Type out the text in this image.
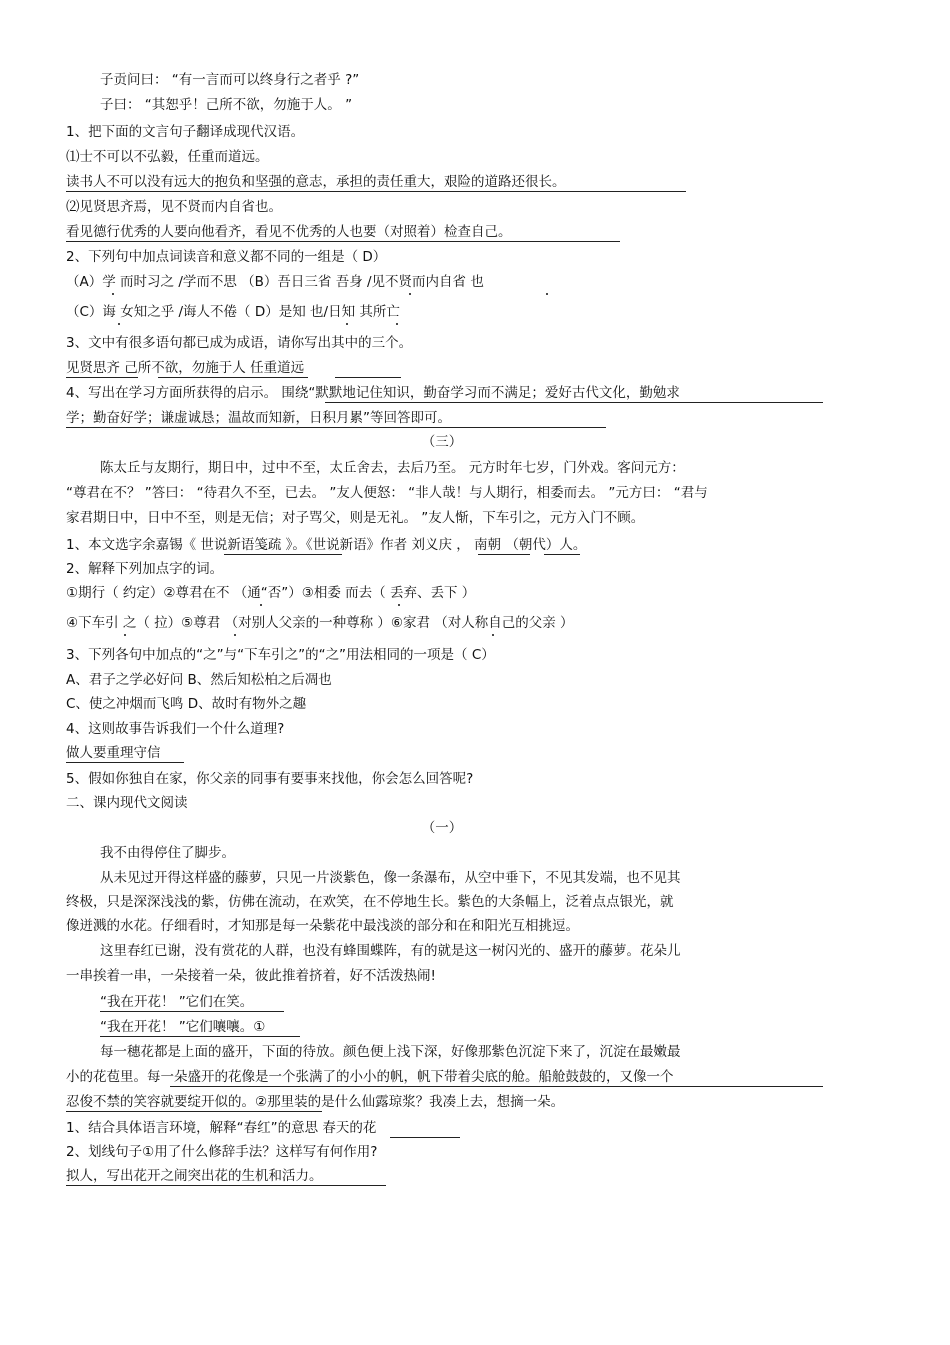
子贡问曰： “有一言而可以终身行之者乎 ?”
子曰： “其恕乎！己所不欲，勿施于人。 ”
1、把下面的文言句子翻译成现代汉语。
⑴士不可以不弘毅，任重而道远。
读书人不可以没有远大的抱负和坚强的意志，承担的责任重大，艰险的道路还很长。
⑵见贤思齐焉，见不贤而内自省也。
看见德行优秀的人要向他看齐，看见不优秀的人也要（对照着）检查自己。
2、下列句中加点词读音和意义都不同的一组是（ D）
（A）学 而时习之 /学而不思 （B）吾日三省 吾身 /见不贤而内自省 也
（C）诲 女知之乎 /诲人不倦（ D）是知 也/日知 其所亡
3、文中有很多语句都已成为成语，请你写出其中的三个。
见贤思齐 己所不欲，勿施于人 任重道远
4、写出在学习方面所获得的启示。 围绕“默默地记住知识，勤奋学习而不满足；爱好古代文化，勤勉求
学；勤奋好学；谦虚诚恳；温故而知新，日积月累”等回答即可。
（三）
陈太丘与友期行，期日中，过中不至，太丘舍去，去后乃至。 元方时年七岁，门外戏。客问元方：
“尊君在不？ ”答曰： “待君久不至，已去。 ”友人便怒： “非人哉！与人期行，相委而去。 ”元方曰： “君与
家君期日中，日中不至，则是无信；对子骂父，则是无礼。 ”友人惭，下车引之，元方入门不顾。
1、本文选字余嘉锡《 世说新语笺疏 》。《世说新语》作者 刘义庆 ， 南朝 （朝代）人。
2、解释下列加点字的词。
①期行（ 约定）②尊君在不 （通“否”）③相委 而去（ 丢弃、丢下 ）
④下车引 之（ 拉）⑤尊君 （对别人父亲的一种尊称 ）⑥家君 （对人称自己的父亲 ）
3、下列各句中加点的“之”与“下车引之”的“之”用法相同的一项是（ C）
A、君子之学必好问 B、然后知松柏之后凋也
C、使之冲烟而飞鸣 D、故时有物外之趣
4、这则故事告诉我们一个什么道理?
做人要重理守信
5、假如你独自在家，你父亲的同事有要事来找他，你会怎么回答呢?
二、课内现代文阅读
（一）
我不由得停住了脚步。
从未见过开得这样盛的藤萝，只见一片淡紫色，像一条瀑布，从空中垂下，不见其发端，也不见其
终极，只是深深浅浅的紫，仿佛在流动，在欢笑，在不停地生长。紫色的大条幅上，泛着点点银光，就
像迸溅的水花。仔细看时，才知那是每一朵紫花中最浅淡的部分和在和阳光互相挑逗。
这里春红已谢，没有赏花的人群，也没有蜂围蝶阵，有的就是这一树闪光的、盛开的藤萝。花朵儿
一串挨着一串，一朵接着一朵，彼此推着挤着，好不活泼热闹!
“我在开花！ ”它们在笑。
“我在开花！ ”它们嚷嚷。①
每一穗花都是上面的盛开，下面的待放。颜色便上浅下深，好像那紫色沉淀下来了，沉淀在最嫩最
小的花苞里。每一朵盛开的花像是一个张满了的小小的帆，帆下带着尖底的舱。船舱鼓鼓的，又像一个
忍俊不禁的笑容就要绽开似的。②那里装的是什么仙露琼浆？我凑上去，想摘一朵。
1、结合具体语言环境，解释“春红”的意思 春天的花
2、划线句子①用了什么修辞手法？这样写有何作用?
拟人，写出花开之闹突出花的生机和活力。
